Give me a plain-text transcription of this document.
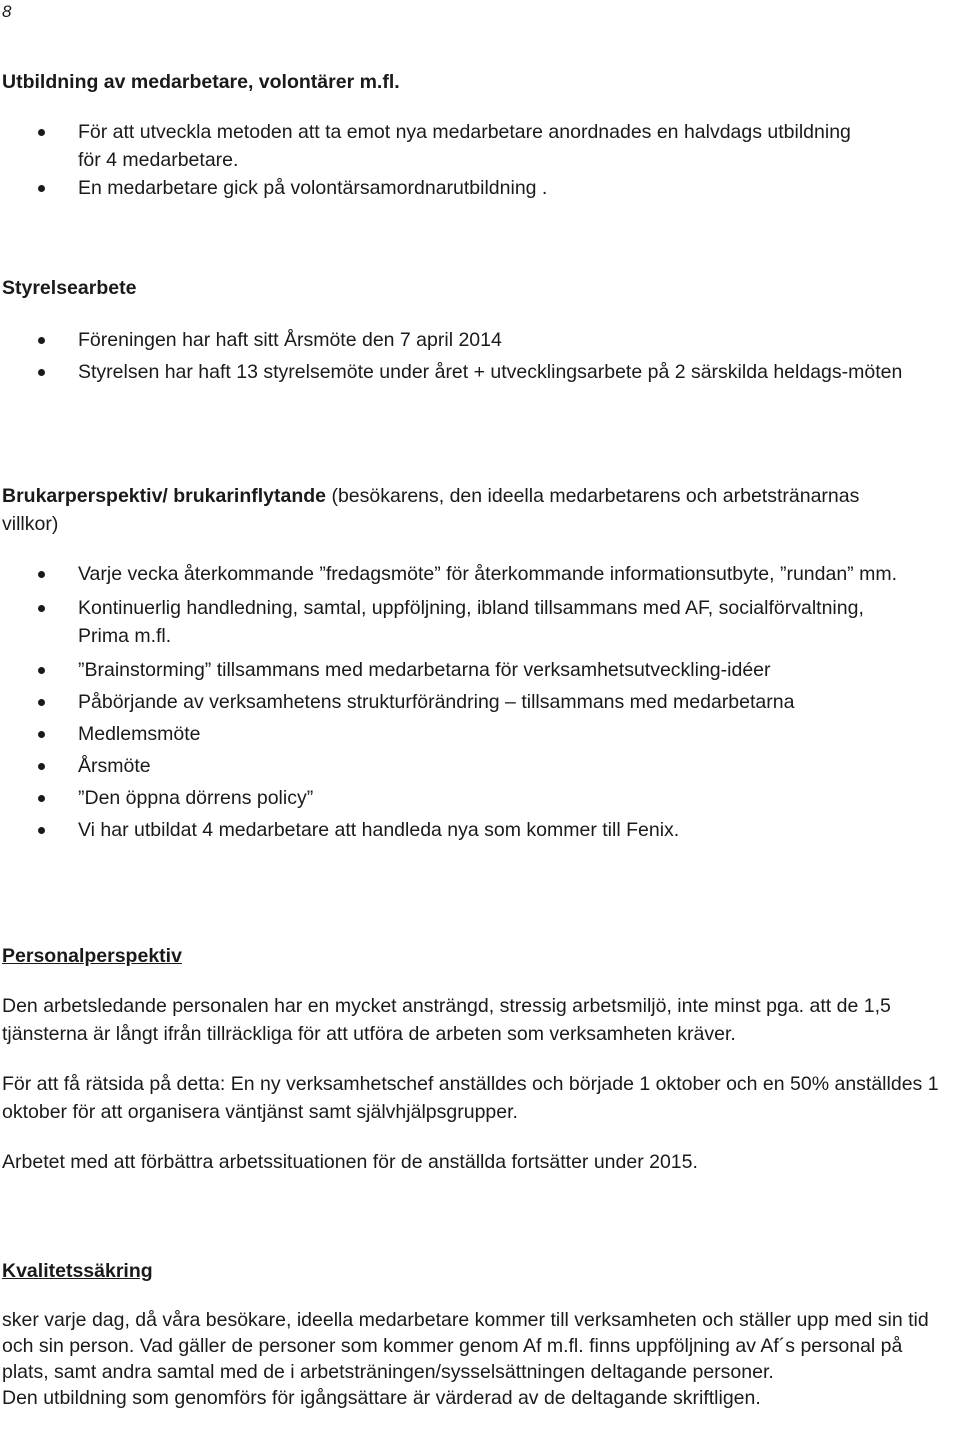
8
Utbildning av medarbetare, volontärer m.fl.
För att utveckla metoden att ta emot nya medarbetare anordnades en halvdags utbildning för 4 medarbetare.
En medarbetare gick på volontärsamordnarutbildning .
Styrelsearbete
Föreningen har haft sitt Årsmöte den 7 april 2014
Styrelsen har haft 13 styrelsemöte under året + utvecklingsarbete på 2 särskilda heldags-möten
Brukarperspektiv/ brukarinflytande (besökarens, den ideella medarbetarens och arbetstränarnas villkor)
Varje vecka återkommande ”fredagsmöte” för återkommande informationsutbyte, ”rundan” mm.
Kontinuerlig handledning, samtal, uppföljning, ibland tillsammans med AF, socialförvaltning, Prima m.fl.
”Brainstorming” tillsammans med medarbetarna för verksamhetsutveckling-idéer
Påbörjande av verksamhetens strukturförändring – tillsammans med medarbetarna
Medlemsmöte
Årsmöte
”Den öppna dörrens policy”
Vi har utbildat 4 medarbetare att handleda nya som kommer till Fenix.
Personalperspektiv

Den arbetsledande personalen har en mycket ansträngd, stressig arbetsmiljö, inte minst pga. att de 1,5 tjänsterna är långt ifrån tillräckliga för att utföra de arbeten som verksamheten kräver.

För att få rätsida på detta: En ny verksamhetschef anställdes och började 1 oktober och en 50% anställdes 1 oktober för att organisera väntjänst samt självhjälpsgrupper.

Arbetet med att förbättra arbetssituationen för de anställda fortsätter under 2015.

Kvalitetssäkring

sker varje dag, då våra besökare, ideella medarbetare kommer till verksamheten och ställer upp med sin tid och sin person. Vad gäller de personer som kommer genom Af m.fl. finns uppföljning av Af´s personal på plats, samt andra samtal med de i arbetsträningen/sysselsättningen deltagande personer.

Den utbildning som genomförs för igångsättare är värderad av de deltagande skriftligen.
